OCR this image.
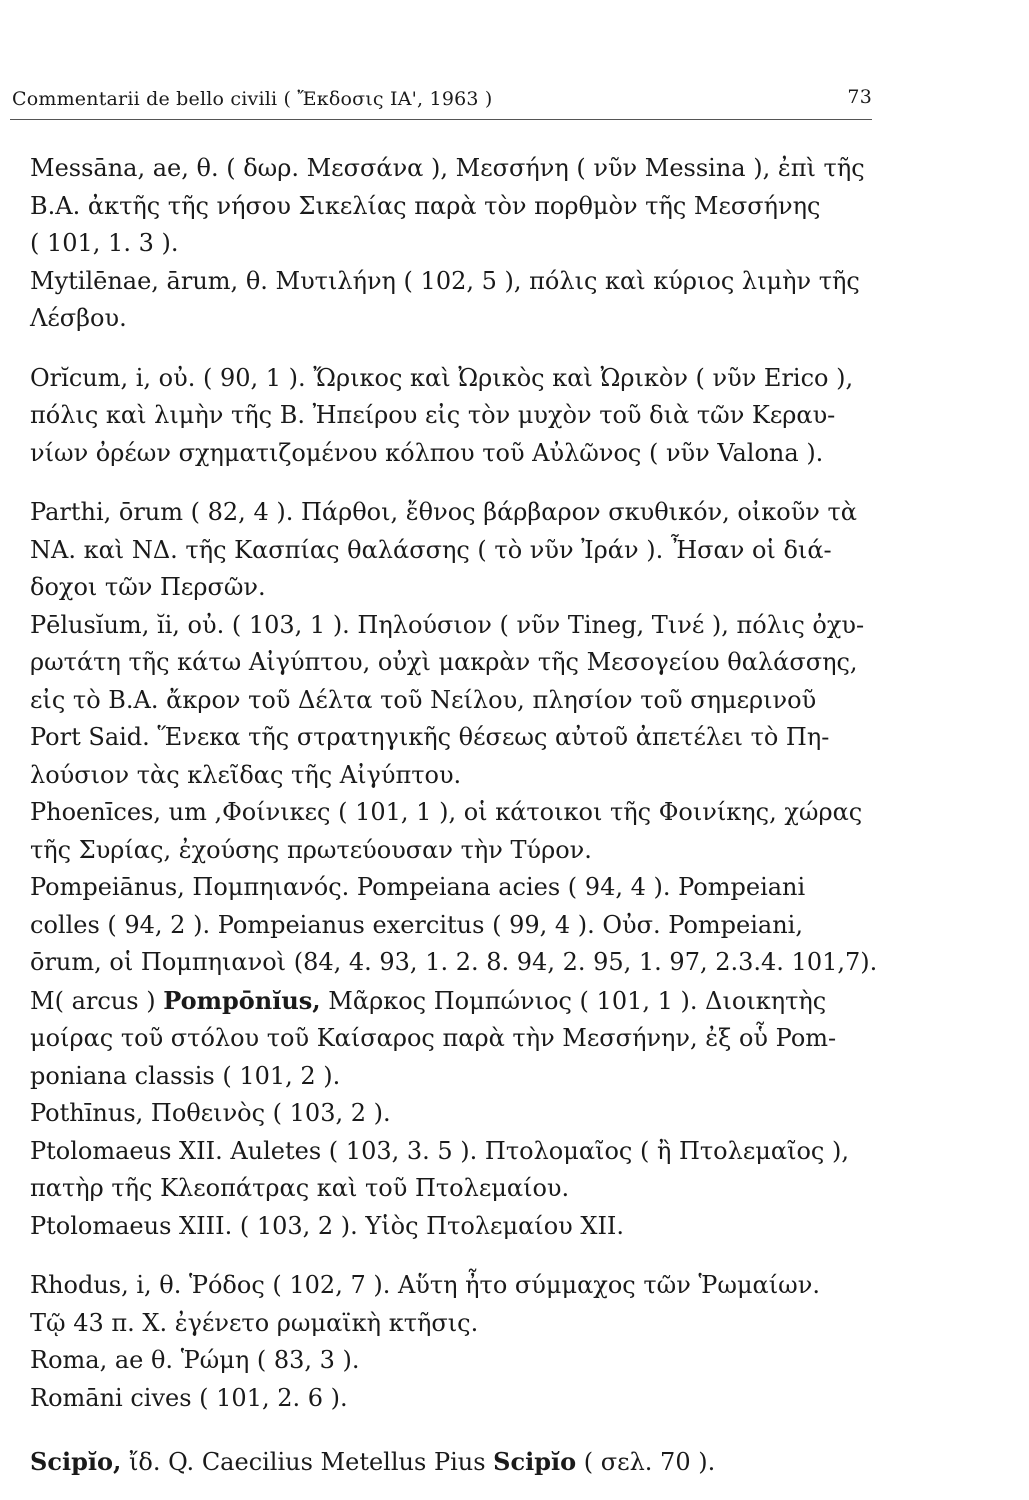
Commentarii de bello civili ( Ἔκδοσις ΙΑ', 1963 )	73
Messāna, ae, θ. ( δωρ. Μεσσάνα ), Μεσσήνη ( νῦν Messina ), ἐπὶ τῆς
B.A. ἀκτῆς τῆς νήσου Σικελίας παρὰ τὸν πορθμὸν τῆς Μεσσήνης
( 101, 1. 3 ).
Mytilēnae, ārum, θ. Μυτιλήνη ( 102, 5 ), πόλις καὶ κύριος λιμὴν τῆς
Λέσβου.
Orĭcum, i, οὐ. ( 90, 1 ). Ὤρικος καὶ Ὠρικὸς καὶ Ὠρικὸν ( νῦν Erico ),
πόλις καὶ λιμὴν τῆς Β. Ἠπείρου εἰς τὸν μυχὸν τοῦ διὰ τῶν Κεραυ-
νίων ὀρέων σχηματιζομένου κόλπου τοῦ Αὐλῶνος ( νῦν Valona ).
Parthi, ōrum ( 82, 4 ). Πάρθοι, ἔθνος βάρβαρον σκυθικόν, οἰκοῦν τὰ
ΝΑ. καὶ ΝΔ. τῆς Κασπίας θαλάσσης ( τὸ νῦν Ἰράν ). Ἦσαν οἱ διά-
δοχοι τῶν Περσῶν.
Pēlusĭum, ĭi, οὐ. ( 103, 1 ). Πηλούσιον ( νῦν Tineg, Τινέ ), πόλις ὀχυ-
ρωτάτη τῆς κάτω Αἰγύπτου, οὐχὶ μακρὰν τῆς Μεσογείου θαλάσσης,
εἰς τὸ Β.Α. ἄκρον τοῦ Δέλτα τοῦ Νείλου, πλησίον τοῦ σημερινοῦ
Port Said. Ἕνεκα τῆς στρατηγικῆς θέσεως αὐτοῦ ἀπετέλει τὸ Πη-
λούσιον τὰς κλεῖδας τῆς Αἰγύπτου.
Phoenīces, um ,Φοίνικες ( 101, 1 ), οἱ κάτοικοι τῆς Φοινίκης, χώρας
τῆς Συρίας, ἐχούσης πρωτεύουσαν τὴν Τύρον.
Pompeiānus, Πομπηιανός. Pompeiana acies ( 94, 4 ). Pompeiani
colles ( 94, 2 ). Pompeianus exercitus ( 99, 4 ). Οὐσ. Pompeiani,
ōrum, οἱ Πομπηιανοὶ (84, 4. 93, 1. 2. 8. 94, 2. 95, 1. 97, 2.3.4. 101,7).
M( arcus ) Pompōnĭus, Μᾶρκος Πομπώνιος ( 101, 1 ). Διοικητὴς
μοίρας τοῦ στόλου τοῦ Καίσαρος παρὰ τὴν Μεσσήνην, ἐξ οὗ Pom-
poniana classis ( 101, 2 ).
Pothīnus, Ποθεινὸς ( 103, 2 ).
Ptolomaeus XII. Auletes ( 103, 3. 5 ). Πτολομαῖος ( ἢ Πτολεμαῖος ),
πατὴρ τῆς Κλεοπάτρας καὶ τοῦ Πτολεμαίου.
Ptolomaeus XIII. ( 103, 2 ). Υἱὸς Πτολεμαίου XII.
Rhodus, i, θ. Ῥόδος ( 102, 7 ). Αὕτη ἦτο σύμμαχος τῶν Ῥωμαίων.
Τῷ 43 π. Χ. ἐγένετο ρωμαϊκὴ κτῆσις.
Roma, ae θ. Ῥώμη ( 83, 3 ).
Romāni cives ( 101, 2. 6 ).
Scipĭo, ἴδ. Q. Caecilius Metellus Pius Scipĭo ( σελ. 70 ).
